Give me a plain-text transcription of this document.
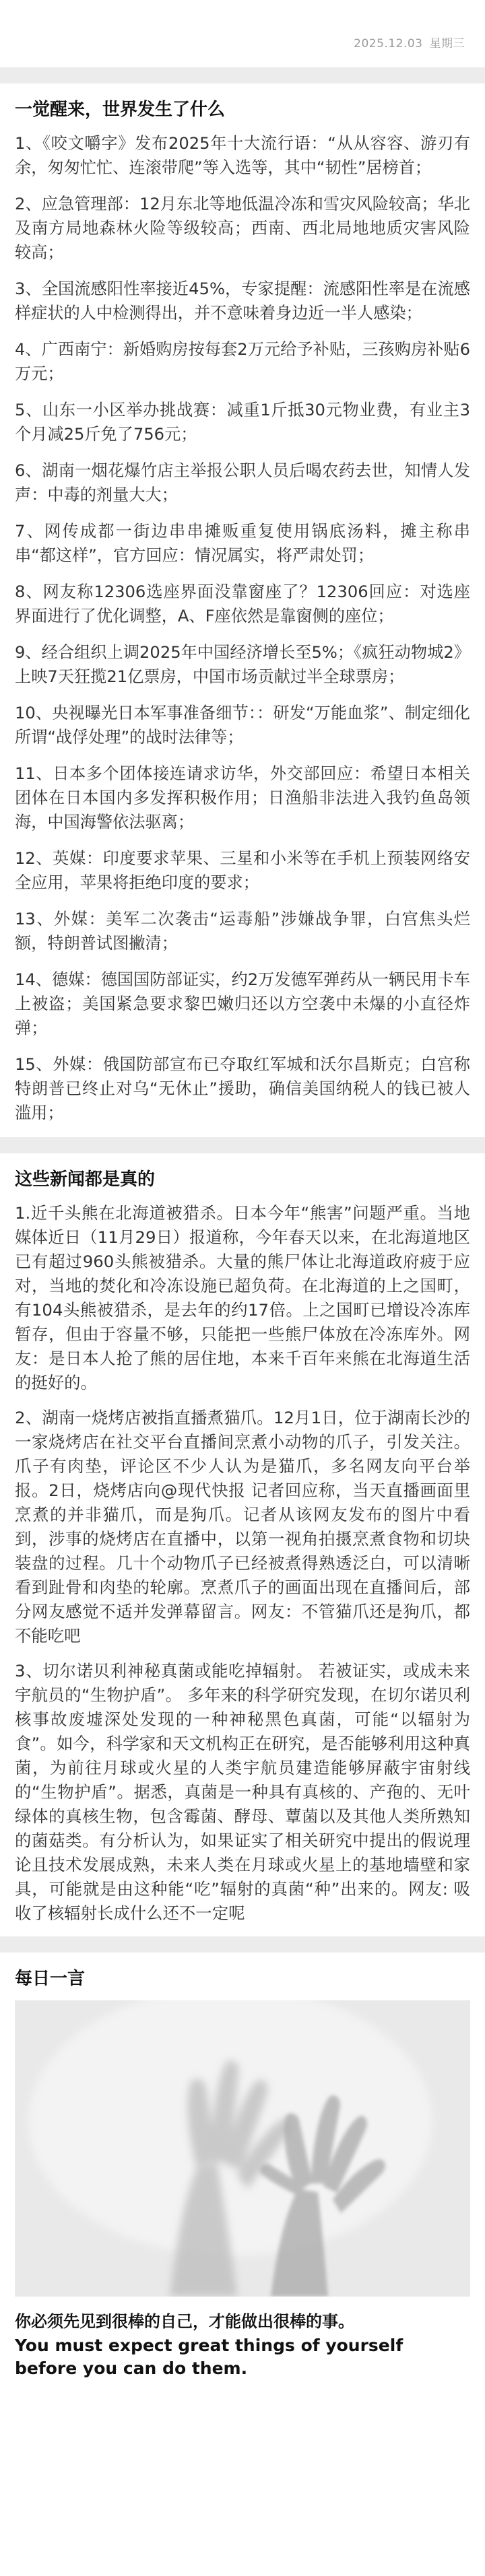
2025.12.03 星期三
一觉醒来，世界发生了什么

1、《咬文嚼字》发布2025年十大流行语：“从从容容、游刃有余，匆匆忙忙、连滚带爬”等入选等，其中“韧性”居榜首；

2、应急管理部：12月东北等地低温冷冻和雪灾风险较高；华北及南方局地森林火险等级较高；西南、西北局地地质灾害风险较高；

3、全国流感阳性率接近45%，专家提醒：流感阳性率是在流感样症状的人中检测得出，并不意味着身边近一半人感染；

4、广西南宁：新婚购房按每套2万元给予补贴，三孩购房补贴6万元；

5、山东一小区举办挑战赛：减重1斤抵30元物业费，有业主3个月减25斤免了756元；

6、湖南一烟花爆竹店主举报公职人员后喝农药去世，知情人发声：中毒的剂量大大；

7、网传成都一街边串串摊贩重复使用锅底汤料，摊主称串串“都这样”，官方回应：情况属实，将严肃处罚；

8、网友称12306选座界面没靠窗座了？12306回应：对选座界面进行了优化调整，A、F座依然是靠窗侧的座位；

9、经合组织上调2025年中国经济增长至5%；《疯狂动物城2》上映7天狂揽21亿票房，中国市场贡献过半全球票房；

10、央视曝光日本军事准备细节：：研发“万能血浆”、制定细化所谓“战俘处理”的战时法律等；

11、日本多个团体接连请求访华，外交部回应：希望日本相关团体在日本国内多发挥积极作用；日渔船非法进入我钓鱼岛领海，中国海警依法驱离；

12、英媒：印度要求苹果、三星和小米等在手机上预装网络安全应用，苹果将拒绝印度的要求；

13、外媒：美军二次袭击“运毒船”涉嫌战争罪，白宫焦头烂额，特朗普试图撇清；

14、德媒：德国国防部证实，约2万发德军弹药从一辆民用卡车上被盗；美国紧急要求黎巴嫩归还以方空袭中未爆的小直径炸弹；

15、外媒：俄国防部宣布已夺取红军城和沃尔昌斯克；白宫称特朗普已终止对乌“无休止”援助，确信美国纳税人的钱已被人滥用；

这些新闻都是真的

1.近千头熊在北海道被猎杀。日本今年“熊害”问题严重。当地媒体近日（11月29日）报道称，今年春天以来，在北海道地区已有超过960头熊被猎杀。大量的熊尸体让北海道政府疲于应对，当地的焚化和冷冻设施已超负荷。在北海道的上之国町，有104头熊被猎杀，是去年的约17倍。上之国町已增设冷冻库暂存，但由于容量不够，只能把一些熊尸体放在冷冻库外。网友：是日本人抢了熊的居住地，本来千百年来熊在北海道生活的挺好的。

2、湖南一烧烤店被指直播煮猫爪。12月1日，位于湖南长沙的一家烧烤店在社交平台直播间烹煮小动物的爪子，引发关注。爪子有肉垫，评论区不少人认为是猫爪，多名网友向平台举报。2日，烧烤店向@现代快报 记者回应称，当天直播画面里烹煮的并非猫爪，而是狗爪。记者从该网友发布的图片中看到，涉事的烧烤店在直播中，以第一视角拍摄烹煮食物和切块装盘的过程。几十个动物爪子已经被煮得熟透泛白，可以清晰看到趾骨和肉垫的轮廓。烹煮爪子的画面出现在直播间后，部分网友感觉不适并发弹幕留言。网友：不管猫爪还是狗爪，都不能吃吧

3、切尔诺贝利神秘真菌或能吃掉辐射。 若被证实，或成未来宇航员的“生物护盾”。 多年来的科学研究发现，在切尔诺贝利核事故废墟深处发现的一种神秘黑色真菌，可能“以辐射为食”。如今，科学家和天文机构正在研究，是否能够利用这种真菌，为前往月球或火星的人类宇航员建造能够屏蔽宇宙射线的“生物护盾”。据悉，真菌是一种具有真核的、产孢的、无叶绿体的真核生物，包含霉菌、酵母、蕈菌以及其他人类所熟知的菌菇类。有分析认为，如果证实了相关研究中提出的假说理论且技术发展成熟，未来人类在月球或火星上的基地墙壁和家具，可能就是由这种能“吃”辐射的真菌“种”出来的。网友: 吸收了核辐射长成什么还不一定呢

每日一言
你必须先见到很棒的自己，才能做出很棒的事。
You must expect great things of yourself before you can do them.
